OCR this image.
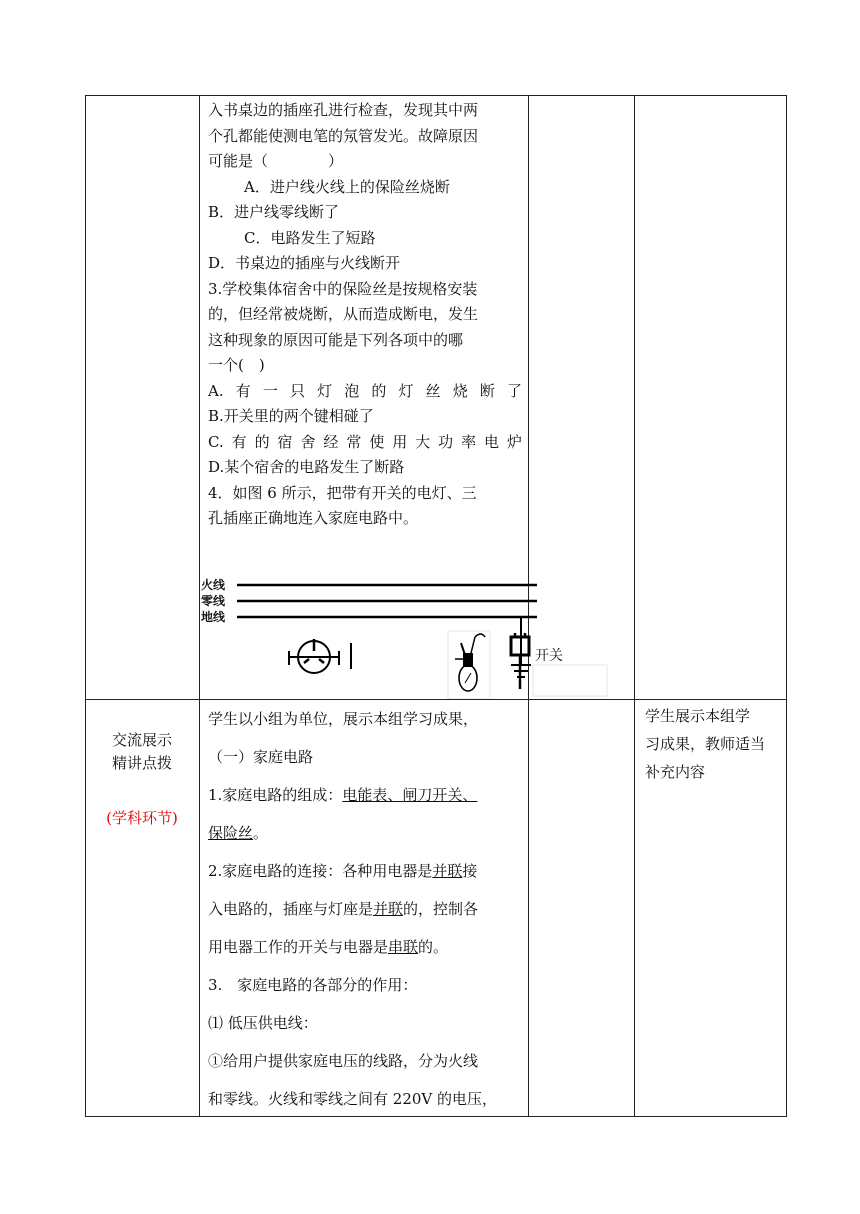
入书桌边的插座孔进行检查，发现其中两

个孔都能使测电笔的氖管发光。故障原因

可能是（　　　　）

A．进户线火线上的保险丝烧断

B．进户线零线断了

C．电路发生了短路

D．书桌边的插座与火线断开

3.学校集体宿舍中的保险丝是按规格安装

的，但经常被烧断，从而造成断电，发生

这种现象的原因可能是下列各项中的哪

一个(　)

A.有一只灯泡的灯丝烧断了

B.开关里的两个键相碰了

C.有的宿舍经常使用大功率电炉

D.某个宿舍的电路发生了断路

4．如图 6 所示，把带有开关的电灯、三

孔插座正确地连入家庭电路中。

火线
零线
地线
开关
交流展示
精讲点拨
(学科环节)

学生以小组为单位，展示本组学习成果，

（一）家庭电路

1.家庭电路的组成：电能表、闸刀开关、

保险丝。

2.家庭电路的连接：各种用电器是并联接

入电路的，插座与灯座是并联的，控制各

用电器工作的开关与电器是串联的。

3.　家庭电路的各部分的作用：

⑴ 低压供电线：

①给用户提供家庭电压的线路，分为火线

和零线。火线和零线之间有 220V 的电压，

学生展示本组学

习成果，教师适当

补充内容
